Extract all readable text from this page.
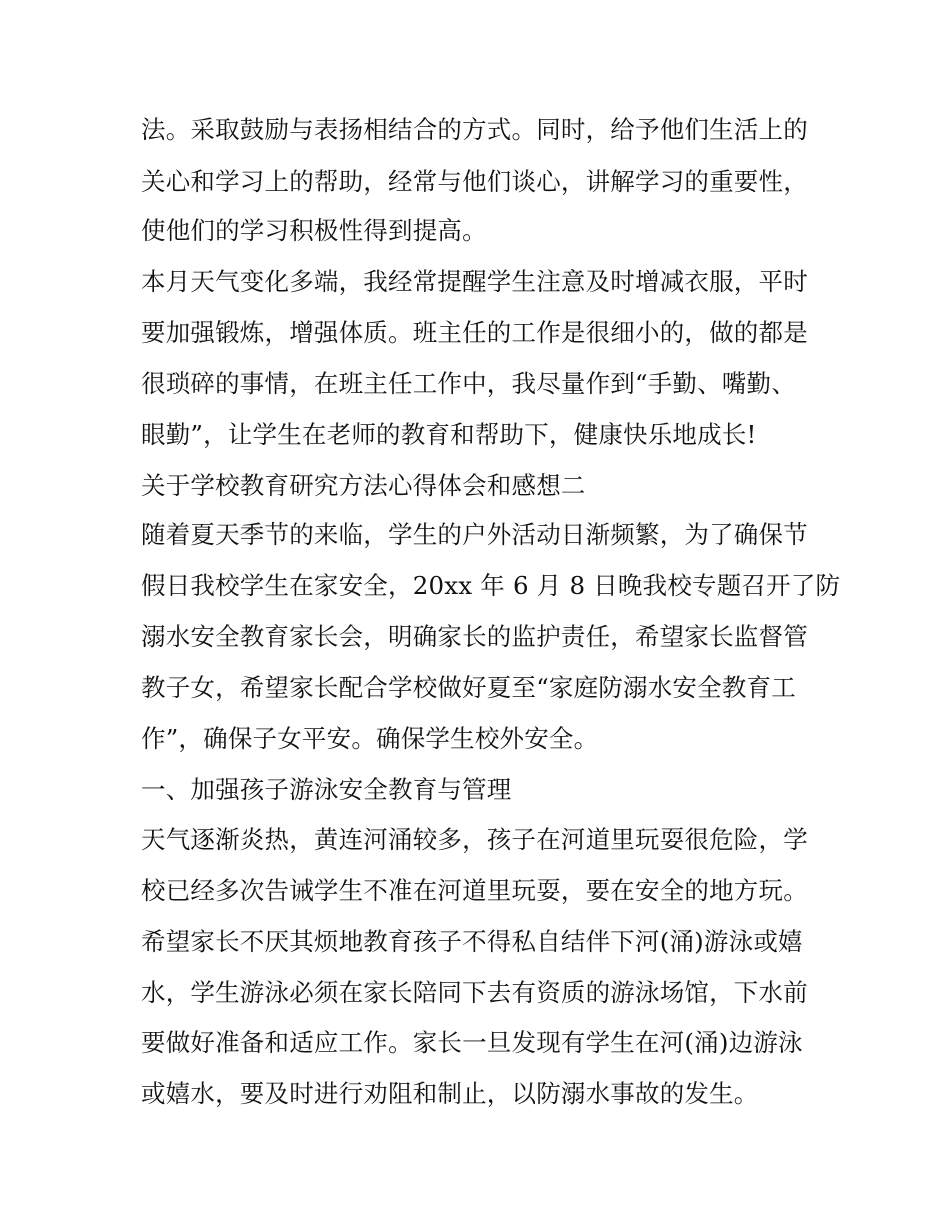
法。采取鼓励与表扬相结合的方式。同时，给予他们生活上的
关心和学习上的帮助，经常与他们谈心，讲解学习的重要性，
使他们的学习积极性得到提高。
本月天气变化多端，我经常提醒学生注意及时增减衣服，平时
要加强锻炼，增强体质。班主任的工作是很细小的，做的都是
很琐碎的事情，在班主任工作中，我尽量作到“手勤、嘴勤、
眼勤”，让学生在老师的教育和帮助下，健康快乐地成长!
关于学校教育研究方法心得体会和感想二
随着夏天季节的来临，学生的户外活动日渐频繁，为了确保节
假日我校学生在家安全，20xx 年 6 月 8 日晚我校专题召开了防
溺水安全教育家长会，明确家长的监护责任，希望家长监督管
教子女，希望家长配合学校做好夏至“家庭防溺水安全教育工
作”，确保子女平安。确保学生校外安全。
一、加强孩子游泳安全教育与管理
天气逐渐炎热，黄连河涌较多，孩子在河道里玩耍很危险，学
校已经多次告诫学生不准在河道里玩耍，要在安全的地方玩。
希望家长不厌其烦地教育孩子不得私自结伴下河(涌)游泳或嬉
水，学生游泳必须在家长陪同下去有资质的游泳场馆，下水前
要做好准备和适应工作。家长一旦发现有学生在河(涌)边游泳
或嬉水，要及时进行劝阻和制止，以防溺水事故的发生。
